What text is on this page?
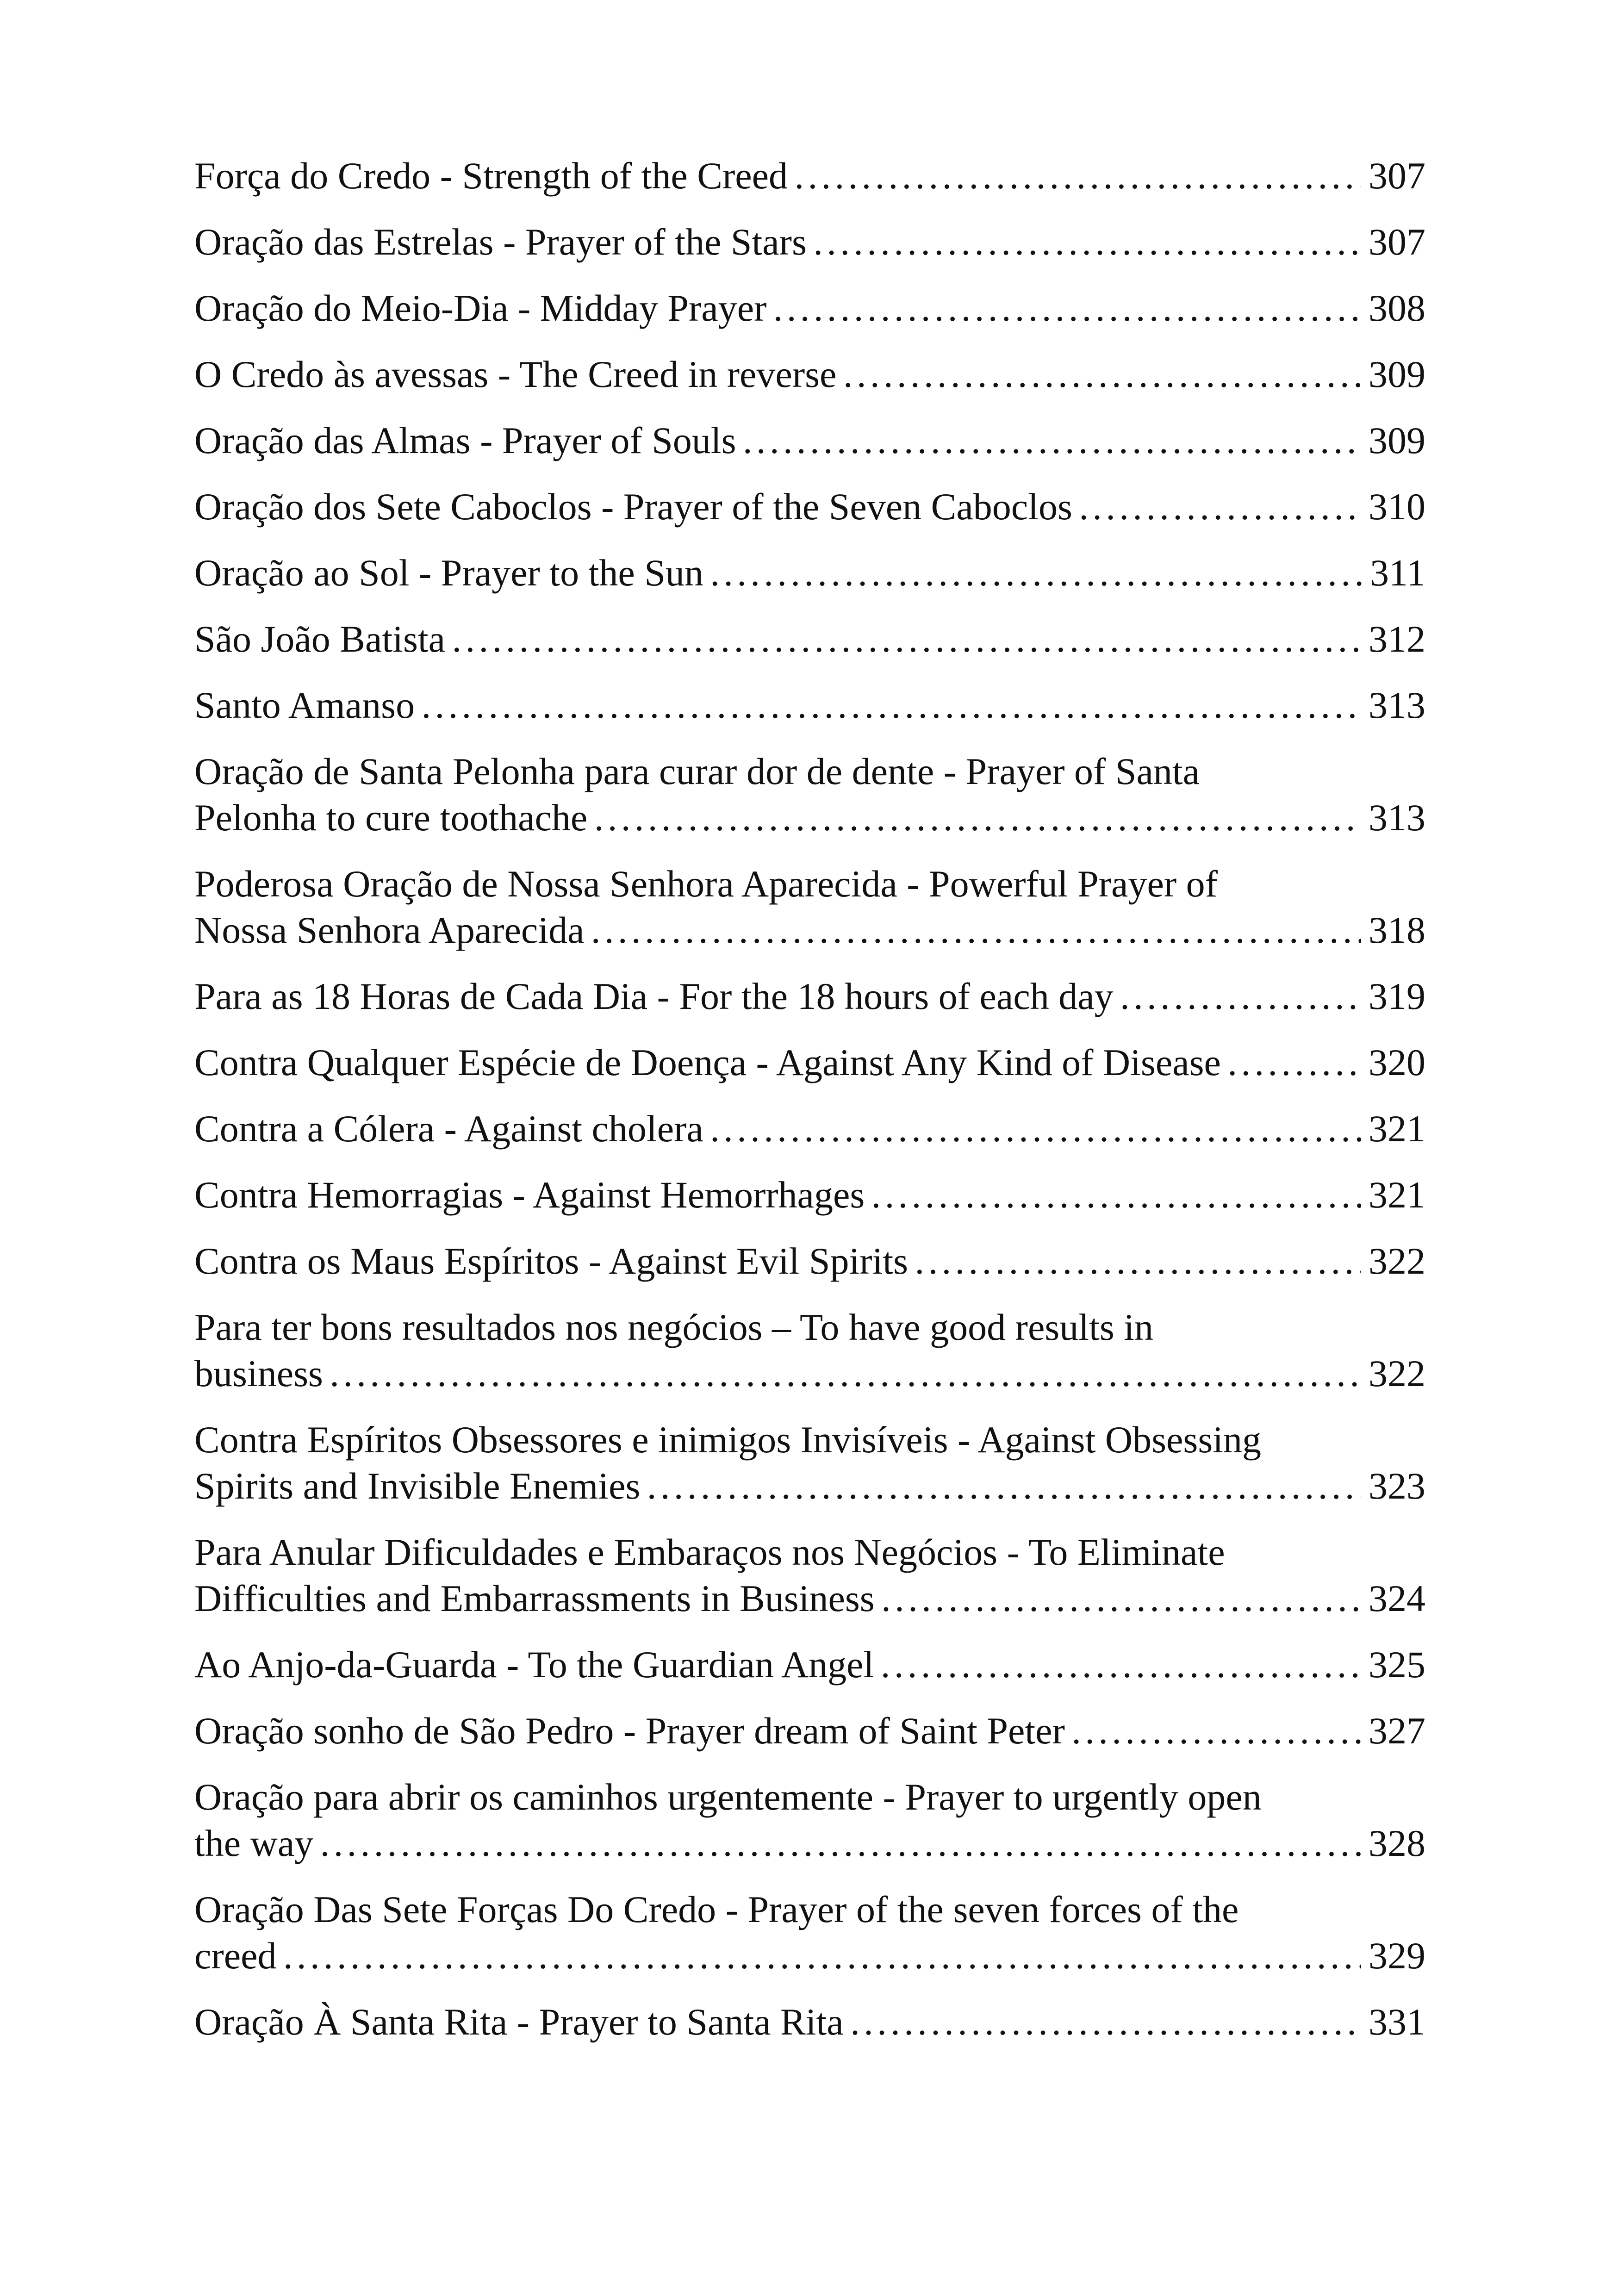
Força do Credo - Strength of the Creed . . .	307
Oração das Estrelas - Prayer of the Stars . . .	307
Oração do Meio-Dia - Midday Prayer . . .	308
O Credo às avessas - The Creed in reverse . . .	309
Oração das Almas - Prayer of Souls . . .	309
Oração dos Sete Caboclos - Prayer of the Seven Caboclos . . .	310
Oração ao Sol - Prayer to the Sun . . .	311
São João Batista . . .	312
Santo Amanso . . .	313
Oração de Santa Pelonha para curar dor de dente - Prayer of Santa
Pelonha to cure toothache . . .	313
Poderosa Oração de Nossa Senhora Aparecida - Powerful Prayer of
Nossa Senhora Aparecida . . .	318
Para as 18 Horas de Cada Dia - For the 18 hours of each day . . .	319
Contra Qualquer Espécie de Doença - Against Any Kind of Disease . . .	320
Contra a Cólera - Against cholera . . .	321
Contra Hemorragias - Against Hemorrhages . . .	321
Contra os Maus Espíritos - Against Evil Spirits . . .	322
Para ter bons resultados nos negócios – To have good results in
business . . .	322
Contra Espíritos Obsessores e inimigos Invisíveis - Against Obsessing
Spirits and Invisible Enemies . . .	323
Para Anular Dificuldades e Embaraços nos Negócios - To Eliminate
Difficulties and Embarrassments in Business . . .	324
Ao Anjo-da-Guarda - To the Guardian Angel . . .	325
Oração sonho de São Pedro - Prayer dream of Saint Peter . . .	327
Oração para abrir os caminhos urgentemente - Prayer to urgently open
the way . . .	328
Oração Das Sete Forças Do Credo - Prayer of the seven forces of the
creed . . .	329
Oração À Santa Rita - Prayer to Santa Rita . . .	331
